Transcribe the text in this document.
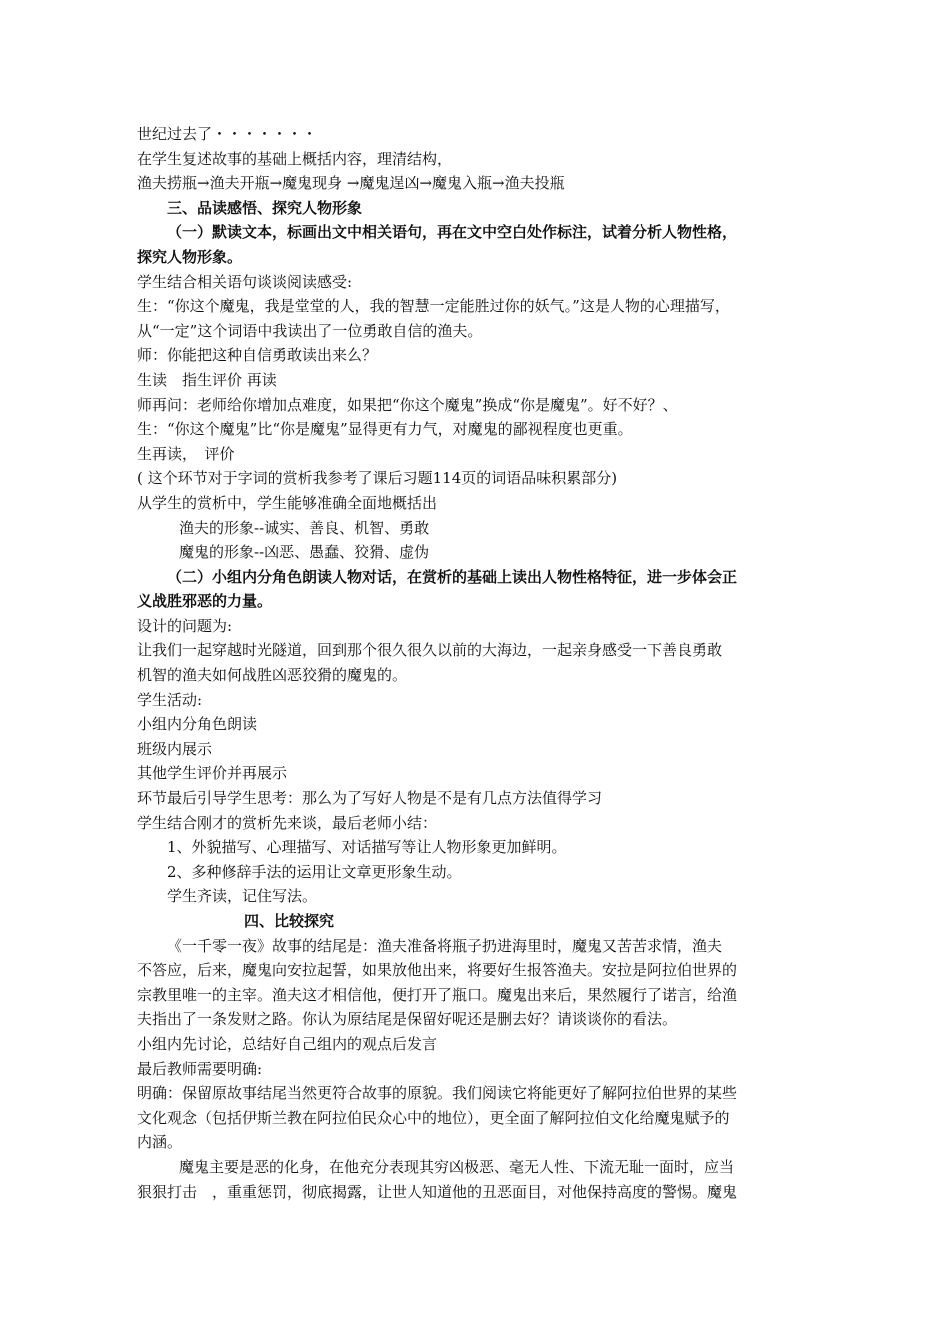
世纪过去了・・・・・・・
在学生复述故事的基础上概括内容，理清结构，
渔夫捞瓶→渔夫开瓶→魔鬼现身 →魔鬼逞凶→魔鬼入瓶→渔夫投瓶
三、品读感悟、探究人物形象
（一）默读文本，标画出文中相关语句，再在文中空白处作标注，试着分析人物性格，
探究人物形象。
学生结合相关语句谈谈阅读感受:
生：“你这个魔鬼，我是堂堂的人，我的智慧一定能胜过你的妖气。”这是人物的心理描写，
从“一定”这个词语中我读出了一位勇敢自信的渔夫。
师：你能把这种自信勇敢读出来么？
生读　指生评价 再读
师再问：老师给你增加点难度，如果把“你这个魔鬼”换成“你是魔鬼”。好不好？、
生：“你这个魔鬼”比“你是魔鬼”显得更有力气，对魔鬼的鄙视程度也更重。
生再读，　评价
( 这个环节对于字词的赏析我参考了课后习题114页的词语品味积累部分)
从学生的赏析中，学生能够准确全面地概括出
渔夫的形象--诚实、善良、机智、勇敢
魔鬼的形象--凶恶、愚蠢、狡猾、虚伪
（二）小组内分角色朗读人物对话，在赏析的基础上读出人物性格特征，进一步体会正
义战胜邪恶的力量。
设计的问题为:
让我们一起穿越时光隧道，回到那个很久很久以前的大海边，一起亲身感受一下善良勇敢
机智的渔夫如何战胜凶恶狡猾的魔鬼的。
学生活动:
小组内分角色朗读
班级内展示
其他学生评价并再展示
环节最后引导学生思考：那么为了写好人物是不是有几点方法值得学习
学生结合刚才的赏析先来谈，最后老师小结：
1、外貌描写、心理描写、对话描写等让人物形象更加鲜明。
2、多种修辞手法的运用让文章更形象生动。
学生齐读，记住写法。
四、比较探究
《一千零一夜》故事的结尾是：渔夫准备将瓶子扔进海里时，魔鬼又苦苦求情，渔夫
不答应，后来，魔鬼向安拉起誓，如果放他出来，将要好生报答渔夫。安拉是阿拉伯世界的
宗教里唯一的主宰。渔夫这才相信他，便打开了瓶口。魔鬼出来后，果然履行了诺言，给渔
夫指出了一条发财之路。你认为原结尾是保留好呢还是删去好？请谈谈你的看法。
小组内先讨论，总结好自己组内的观点后发言
最后教师需要明确:
明确：保留原故事结尾当然更符合故事的原貌。我们阅读它将能更好了解阿拉伯世界的某些
文化观念（包括伊斯兰教在阿拉伯民众心中的地位），更全面了解阿拉伯文化给魔鬼赋予的
内涵。
魔鬼主要是恶的化身，在他充分表现其穷凶极恶、毫无人性、下流无耻一面时，应当
狠狠打击　，重重惩罚，彻底揭露，让世人知道他的丑恶面目，对他保持高度的警惕。魔鬼
